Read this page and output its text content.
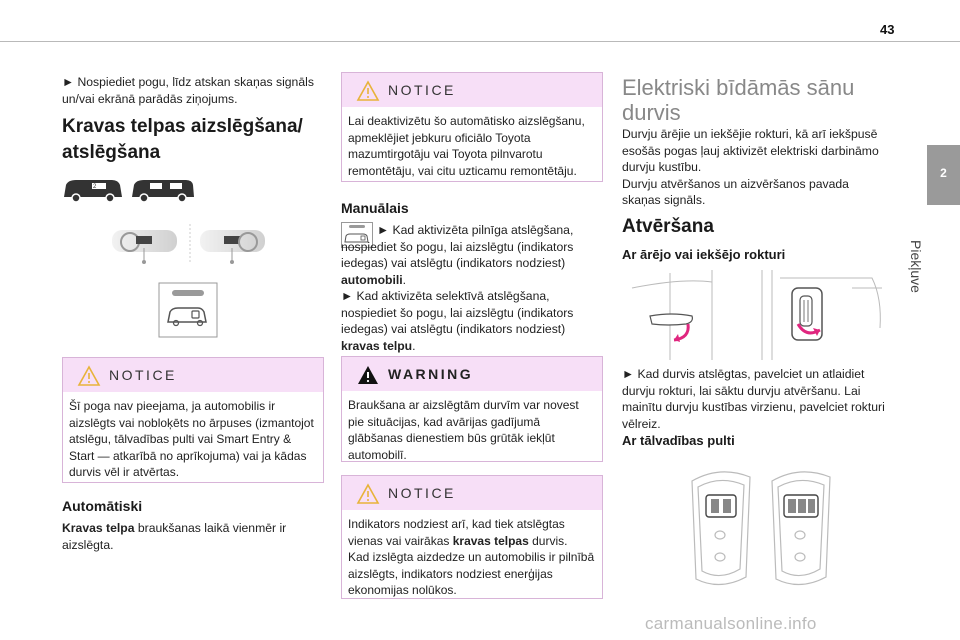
43
2
Piekļuve
► Nospiediet pogu, līdz atskan skaņas signāls un/vai ekrānā parādās ziņojums.
Kravas telpas aizslēgšana/
atslēgšana
2
NOTICE
Šī poga nav pieejama, ja automobilis ir aizslēgts vai nobloķēts no ārpuses (izmantojot atslēgu, tālvadības pulti vai Smart Entry & Start — atkarībā no aprīkojuma) vai ja kādas durvis vēl ir atvērtas.
Automātiski
Kravas telpa braukšanas laikā vienmēr ir aizslēgta.
NOTICE
Lai deaktivizētu šo automātisko aizslēgšanu, apmeklējiet jebkuru oficiālo Toyota mazumtirgotāju vai Toyota pilnvarotu remontētāju, vai citu uzticamu remontētāju.
Manuālais
► Kad aktivizēta pilnīga atslēgšana, nospiediet šo pogu, lai aizslēgtu (indikators iedegas) vai atslēgtu (indikators nodziest) automobili.
► Kad aktivizēta selektīvā atslēgšana, nospiediet šo pogu, lai aizslēgtu (indikators iedegas) vai atslēgtu (indikators nodziest) kravas telpu.
WARNING
Braukšana ar aizslēgtām durvīm var novest pie situācijas, kad avārijas gadījumā glābšanas dienestiem būs grūtāk iekļūt automobilī.
NOTICE
Indikators nodziest arī, kad tiek atslēgtas vienas vai vairākas kravas telpas durvis.
Kad izslēgta aizdedze un automobilis ir pilnībā aizslēgts, indikators nodziest enerģijas ekonomijas nolūkos.
Elektriski bīdāmās sānu
durvis
Durvju ārējie un iekšējie rokturi, kā arī iekšpusē esošās pogas ļauj aktivizēt elektriski darbināmo durvju kustību.
Durvju atvēršanos un aizvēršanos pavada skaņas signāls.
Atvēršana
Ar ārējo vai iekšējo rokturi
► Kad durvis atslēgtas, pavelciet un atlaidiet durvju rokturi, lai sāktu durvju atvēršanu. Lai mainītu durvju kustības virzienu, pavelciet rokturi vēlreiz.
Ar tālvadības pulti
carmanualsonline.info
